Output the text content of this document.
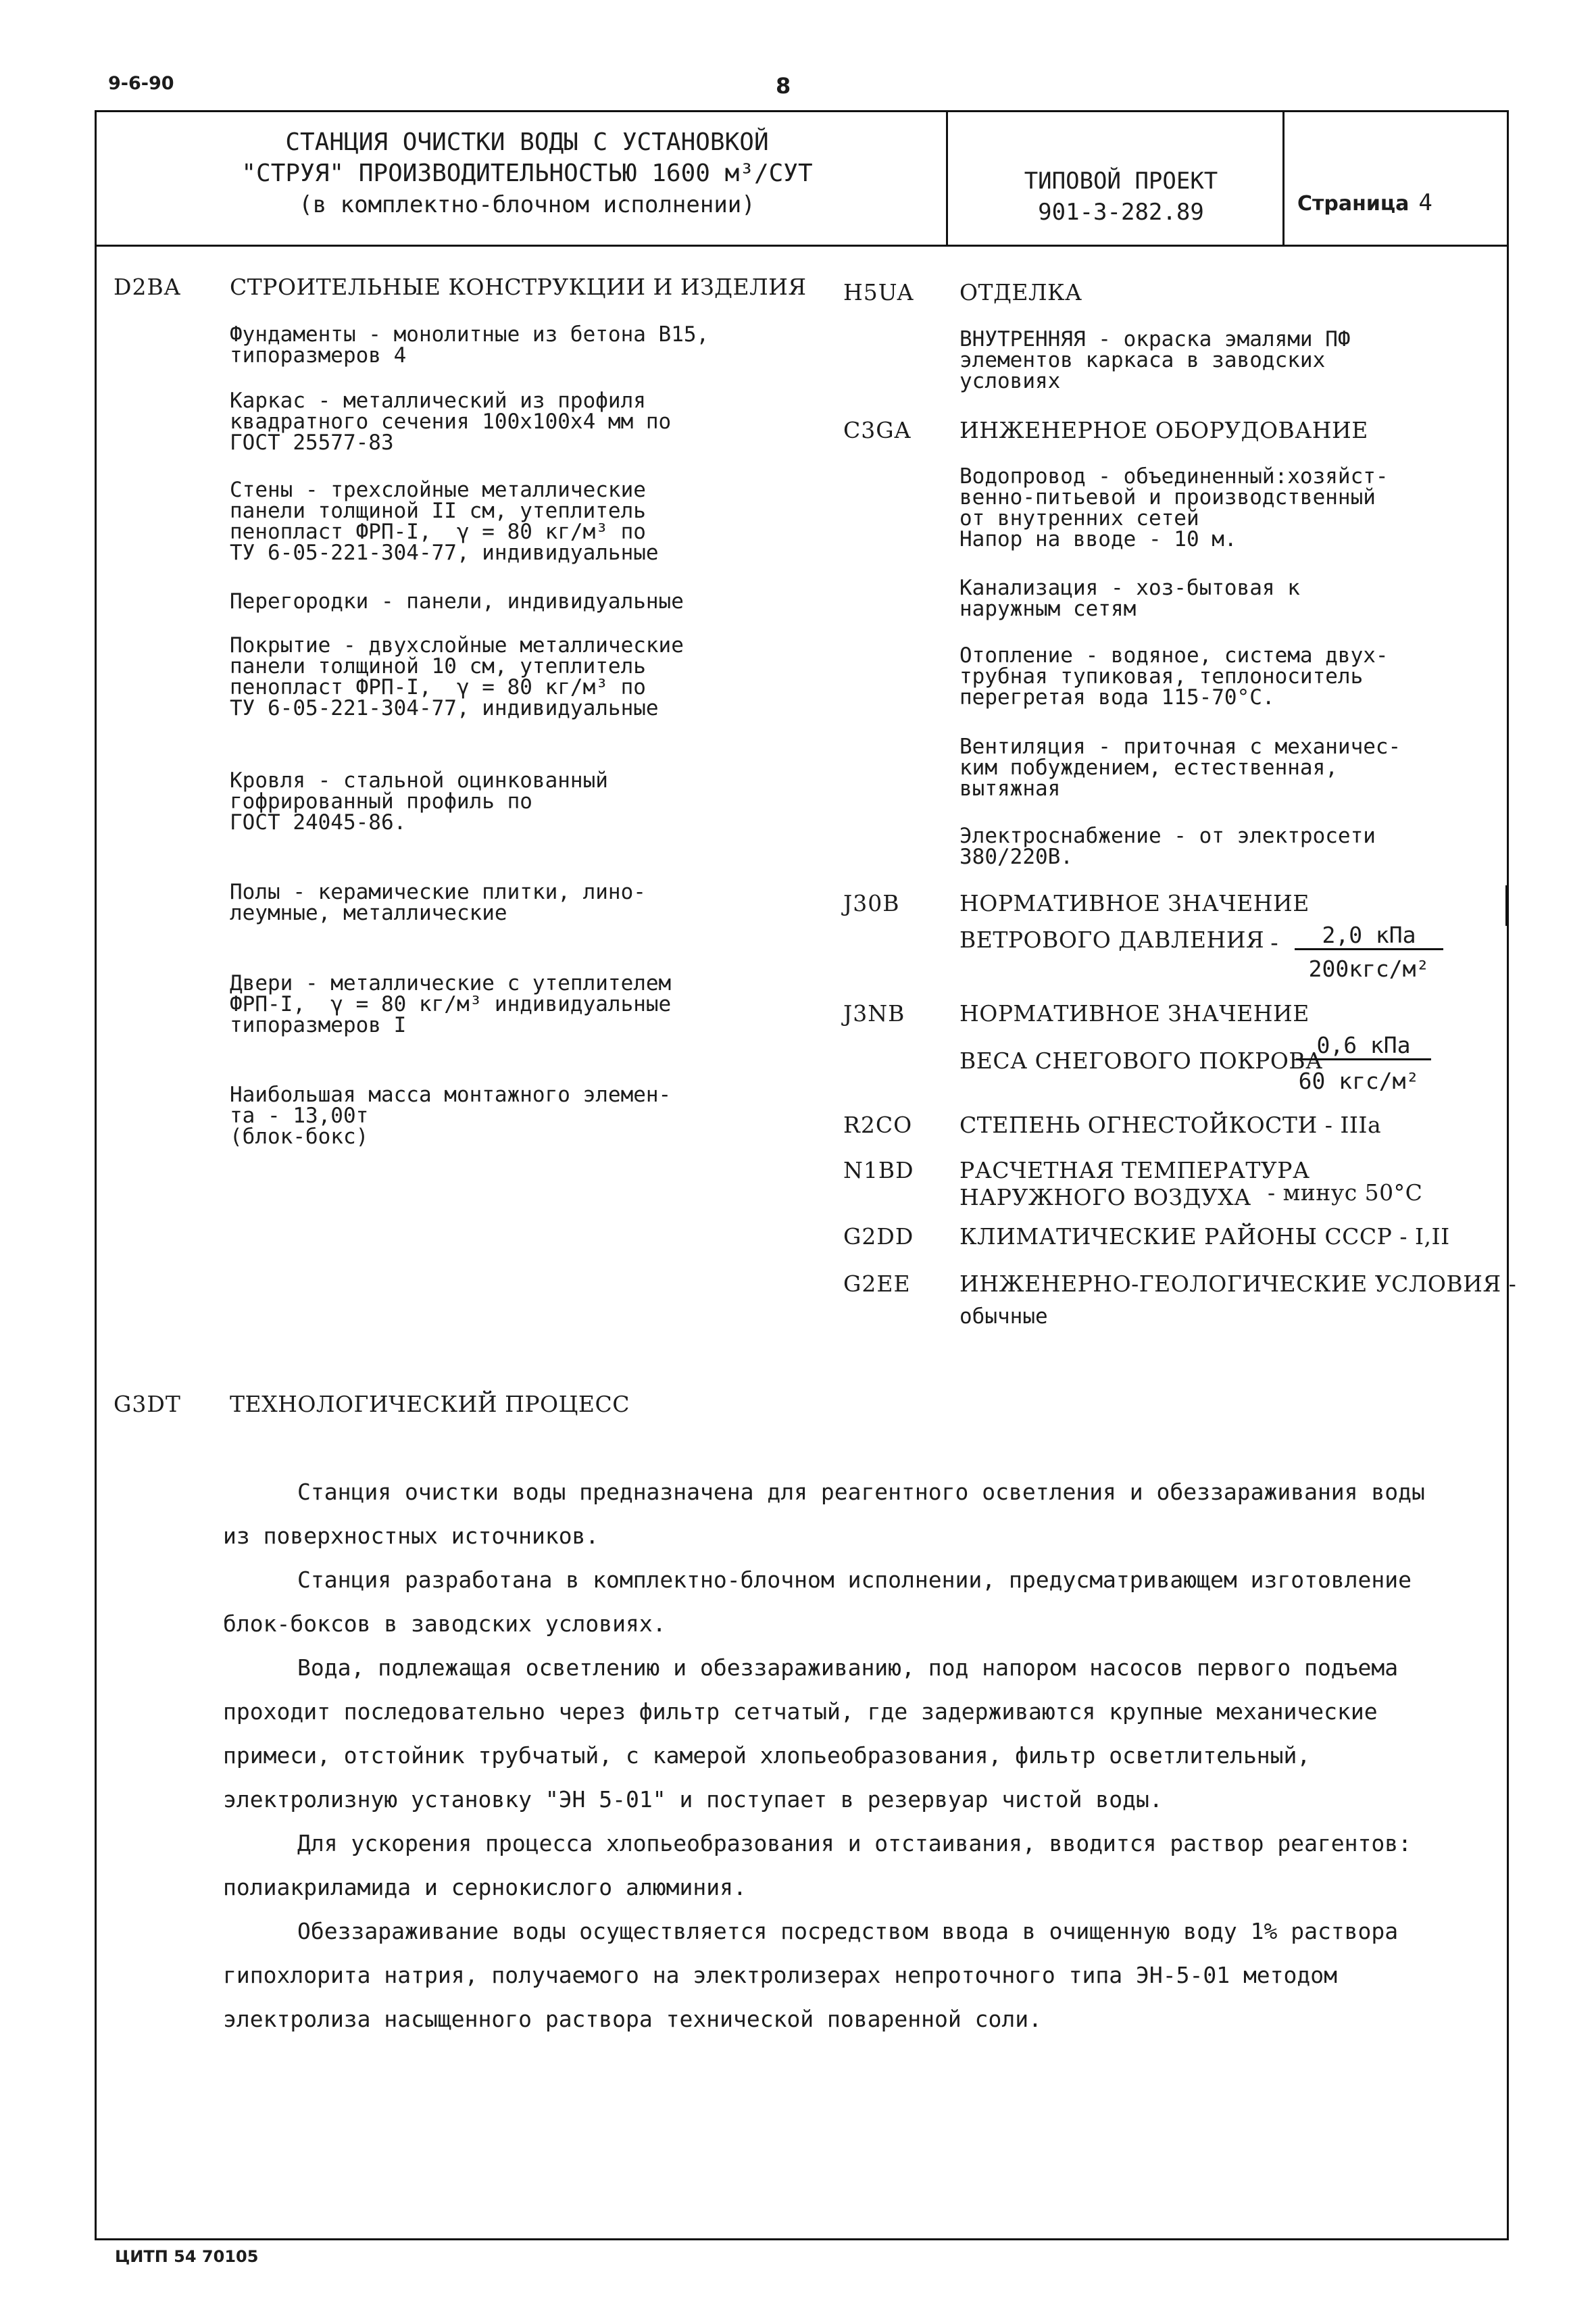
9-6-90	8
СТАНЦИЯ ОЧИСТКИ ВОДЫ С УСТАНОВКОЙ
"СТРУЯ" ПРОИЗВОДИТЕЛЬНОСТЬЮ 1600 м³/СУТ
(в комплектно-блочном исполнении)
ТИПОВОЙ ПРОЕКТ
901-3-282.89	Страница 4
D2BA СТРОИТЕЛЬНЫЕ КОНСТРУКЦИИ И ИЗДЕЛИЯ
Фундаменты - монолитные из бетона В15,
типоразмеров 4
Каркас - металлический из профиля
квадратного сечения 100х100х4 мм по
ГОСТ 25577-83
Стены - трехслойные металлические
панели толщиной II см, утеплитель
пенопласт ФРП-I,  γ = 80 кг/м³ по
ТУ 6-05-221-304-77, индивидуальные
Перегородки - панели, индивидуальные
Покрытие - двухслойные металлические
панели толщиной 10 см, утеплитель
пенопласт ФРП-I,  γ = 80 кг/м³ по
ТУ 6-05-221-304-77, индивидуальные
Кровля - стальной оцинкованный
гофрированный профиль по
ГОСТ 24045-86.
Полы - керамические плитки, лино-
леумные, металлические
Двери - металлические с утеплителем
ФРП-I,  γ = 80 кг/м³ индивидуальные
типоразмеров I
Наибольшая масса монтажного элемен-
та - 13,00т
(блок-бокс)
H5UA ОТДЕЛКА
ВНУТРЕННЯЯ - окраска эмалями ПФ
элементов каркаса в заводских
условиях
C3GA ИНЖЕНЕРНОЕ ОБОРУДОВАНИЕ
Водопровод - объединенный:хозяйст-
венно-питьевой и производственный
от внутренних сетей
Напор на вводе - 10 м.
Канализация - хоз-бытовая к
наружным сетям
Отопление - водяное, система двух-
трубная тупиковая, теплоноситель
перегретая вода 115-70°С.
Вентиляция - приточная с механичес-
ким побуждением, естественная,
вытяжная
Электроснабжение - от электросети
380/220В.
J30B	НОРМАТИВНОЕ ЗНАЧЕНИЕ
ВЕТРОВОГО ДАВЛЕНИЯ -	2,0 кПа
200кгс/м²
J3NB НОРМАТИВНОЕ ЗНАЧЕНИЕ
ВЕСА СНЕГОВОГО ПОКРОВА
0,6 кПа
60 кгс/м²
R2CO СТЕПЕНЬ ОГНЕСТОЙКОСТИ - IIIа
N1BD РАСЧЕТНАЯ ТЕМПЕРАТУРА
НАРУЖНОГО ВОЗДУХА - минус 50°С
G2DD КЛИМАТИЧЕСКИЕ РАЙОНЫ СССР - I,II
G2EE ИНЖЕНЕРНО-ГЕОЛОГИЧЕСКИЕ УСЛОВИЯ -
обычные
G3DT ТЕХНОЛОГИЧЕСКИЙ ПРОЦЕСС

Станция очистки воды предназначена для реагентного осветления и обеззараживания воды из поверхностных источников.

Станция разработана в комплектно-блочном исполнении, предусматривающем изготовление блок-боксов в заводских условиях.

Вода, подлежащая осветлению и обеззараживанию, под напором насосов первого подъема проходит последовательно через фильтр сетчатый, где задерживаются крупные механические примеси, отстойник трубчатый, с камерой хлопьеобразования, фильтр осветлительный, электролизную установку "ЭН 5-01" и поступает в резервуар чистой воды.

Для ускорения процесса хлопьеобразования и отстаивания, вводится раствор реагентов: полиакриламида и сернокислого алюминия.

Обеззараживание воды осуществляется посредством ввода в очищенную воду 1% раствора гипохлорита натрия, получаемого на электролизерах непроточного типа ЭН-5-01 методом электролиза насыщенного раствора технической поваренной соли.

ЦИТП 54 70105
